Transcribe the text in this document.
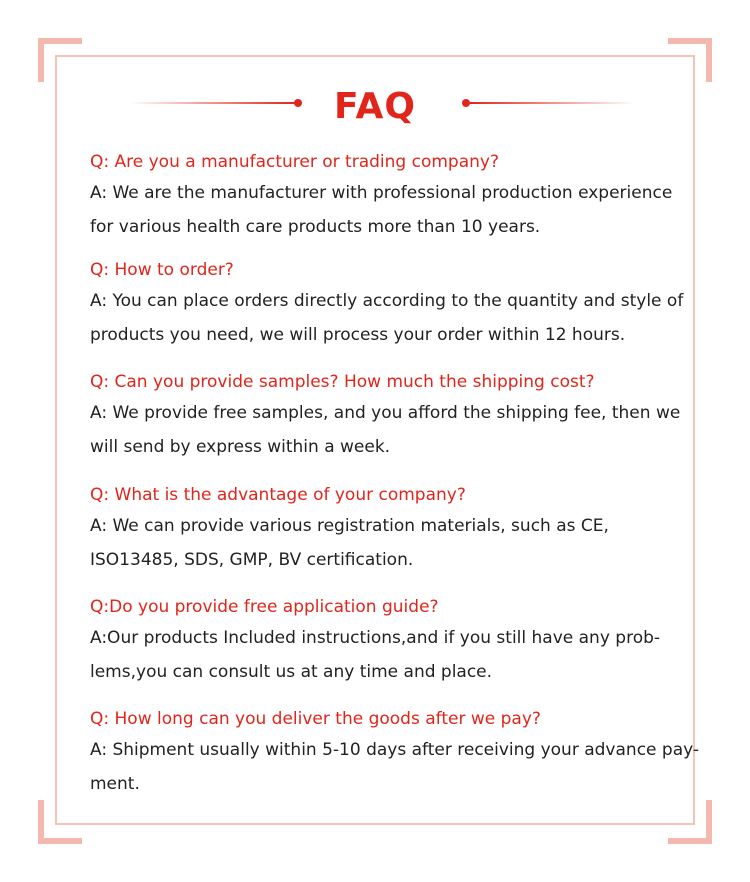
FAQ

Q: Are you a manufacturer or trading company?

A: We are the manufacturer with professional production experience
for various health care products more than 10 years.

Q: How to order?

A: You can place orders directly according to the quantity and style of
products you need, we will process your order within 12 hours.

Q: Can you provide samples? How much the shipping cost?

A: We provide free samples, and you afford the shipping fee, then we
will send by express within a week.

Q: What is the advantage of your company?

A: We can provide various registration materials, such as CE,
ISO13485, SDS, GMP, BV certification.

Q:Do you provide free application guide?

A:Our products Included instructions,and if you still have any prob-
lems,you can consult us at any time and place.

Q: How long can you deliver the goods after we pay?

A: Shipment usually within 5-10 days after receiving your advance pay-
ment.
